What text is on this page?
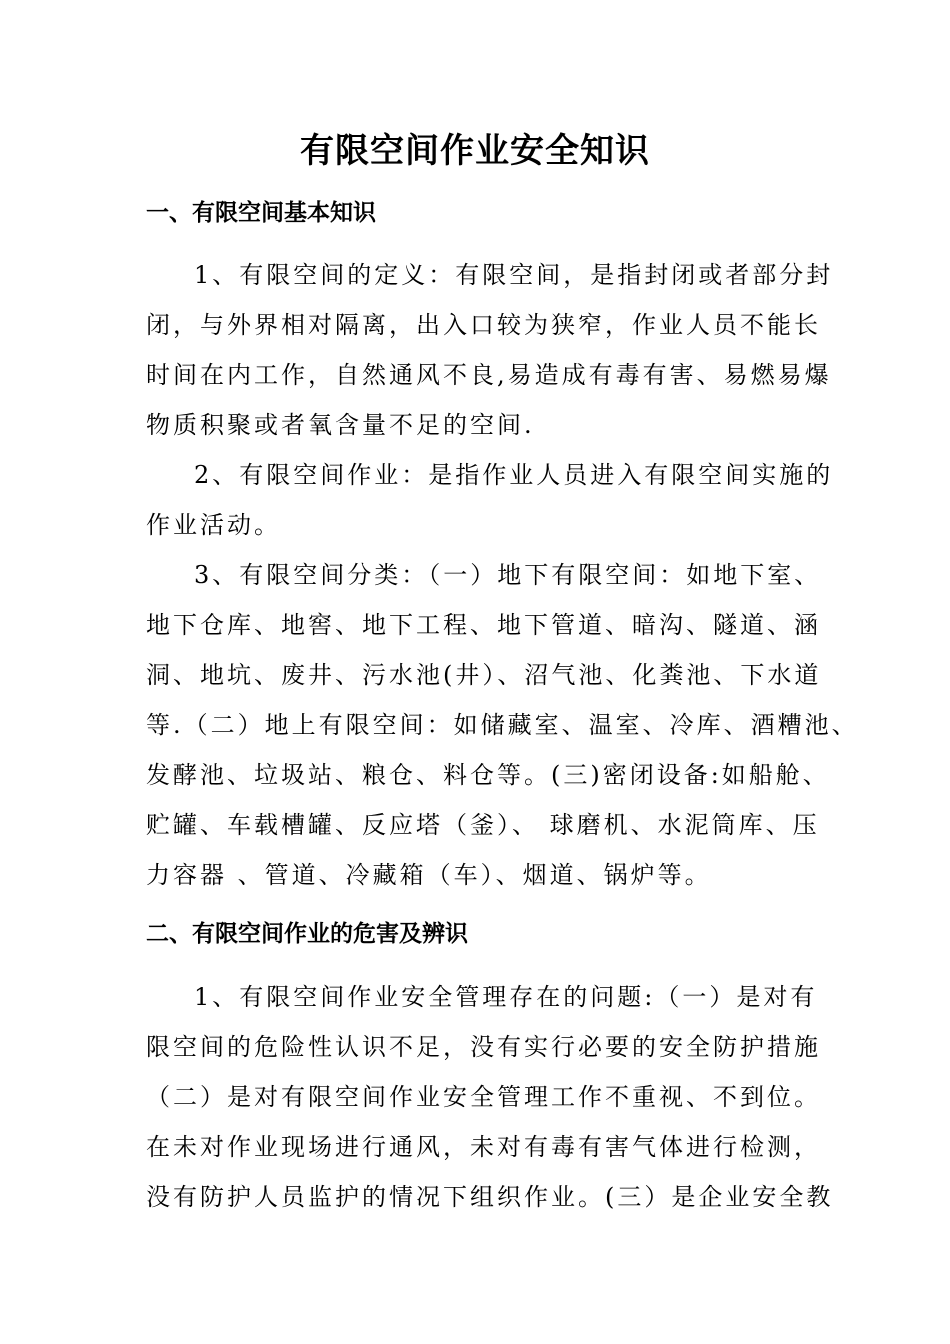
有限空间作业安全知识
一、有限空间基本知识
1、有限空间的定义：有限空间，是指封闭或者部分封
闭，与外界相对隔离，出入口较为狭窄，作业人员不能长
时间在内工作，自然通风不良,易造成有毒有害、易燃易爆
物质积聚或者氧含量不足的空间.
2、有限空间作业：是指作业人员进入有限空间实施的
作业活动。
3、有限空间分类：（一）地下有限空间：如地下室、
地下仓库、地窖、地下工程、地下管道、暗沟、隧道、涵
洞、地坑、废井、污水池(井）、沼气池、化粪池、下水道
等.（二）地上有限空间：如储藏室、温室、冷库、酒糟池、
发酵池、垃圾站、粮仓、料仓等。(三)密闭设备:如船舱、
贮罐、车载槽罐、反应塔（釜）、 球磨机、水泥筒库、压
力容器 、管道、冷藏箱（车）、烟道、锅炉等。
二、有限空间作业的危害及辨识
1、有限空间作业安全管理存在的问题:（一）是对有
限空间的危险性认识不足，没有实行必要的安全防护措施
（二）是对有限空间作业安全管理工作不重视、不到位。
在未对作业现场进行通风，未对有毒有害气体进行检测，
没有防护人员监护的情况下组织作业。(三）是企业安全教
